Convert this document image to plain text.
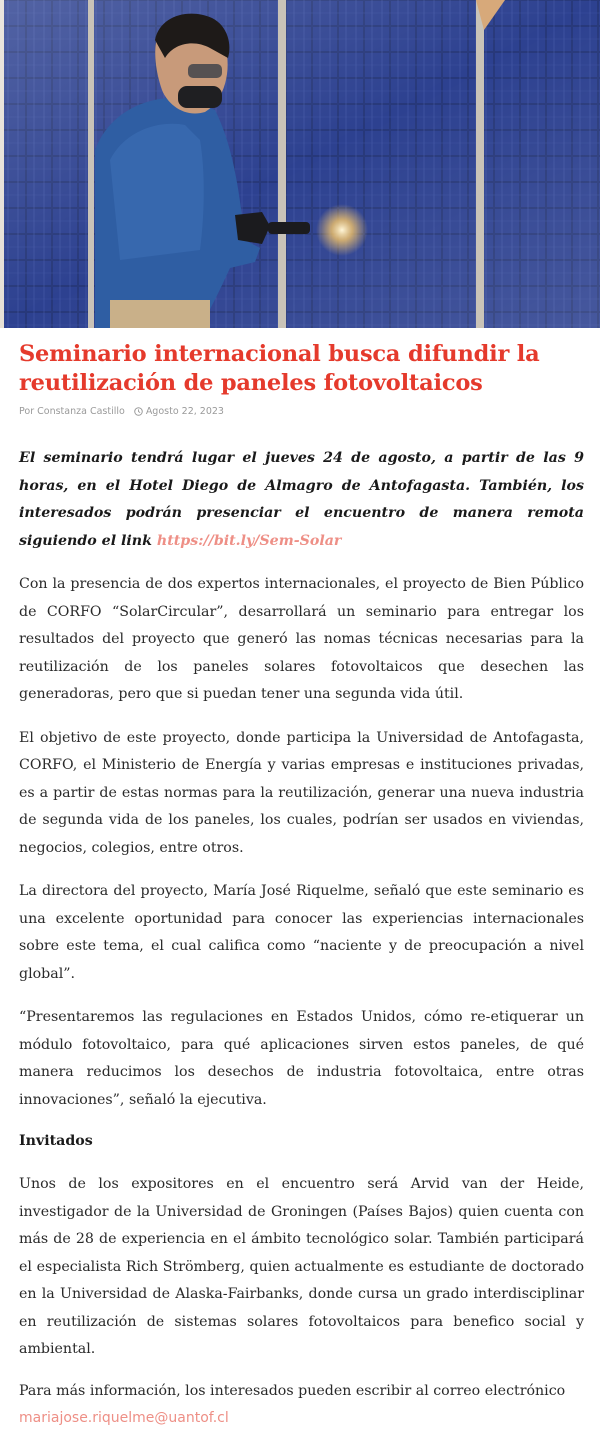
Seminario internacional busca difundir la reutilización de paneles fotovoltaicos
Por Constanza Castillo Agosto 22, 2023

El seminario tendrá lugar el jueves 24 de agosto, a partir de las 9 horas, en el Hotel Diego de Almagro de Antofagasta. También, los interesados podrán presenciar el encuentro de manera remota siguiendo el link https://bit.ly/Sem-Solar

Con la presencia de dos expertos internacionales, el proyecto de Bien Público de CORFO “SolarCircular”, desarrollará un seminario para entregar los resultados del proyecto que generó las nomas técnicas necesarias para la reutilización de los paneles solares fotovoltaicos que desechen las generadoras, pero que si puedan tener una segunda vida útil.

El objetivo de este proyecto, donde participa la Universidad de Antofagasta, CORFO, el Ministerio de Energía y varias empresas e instituciones privadas, es a partir de estas normas para la reutilización, generar una nueva industria de segunda vida de los paneles, los cuales, podrían ser usados en viviendas, negocios, colegios, entre otros.

La directora del proyecto, María José Riquelme, señaló que este seminario es una excelente oportunidad para conocer las experiencias internacionales sobre este tema, el cual califica como “naciente y de preocupación a nivel global”.

“Presentaremos las regulaciones en Estados Unidos, cómo re-etiquerar un módulo fotovoltaico, para qué aplicaciones sirven estos paneles, de qué manera reducimos los desechos de industria fotovoltaica, entre otras innovaciones”, señaló la ejecutiva.

Invitados

Unos de los expositores en el encuentro será Arvid van der Heide, investigador de la Universidad de Groningen (Países Bajos) quien cuenta con más de 28 de experiencia en el ámbito tecnológico solar. También participará el especialista Rich Strömberg, quien actualmente es estudiante de doctorado en la Universidad de Alaska-Fairbanks, donde cursa un grado interdisciplinar en reutilización de sistemas solares fotovoltaicos para benefico social y ambiental.

Para más información, los interesados pueden escribir al correo electrónico mariajose.riquelme@uantof.cl
